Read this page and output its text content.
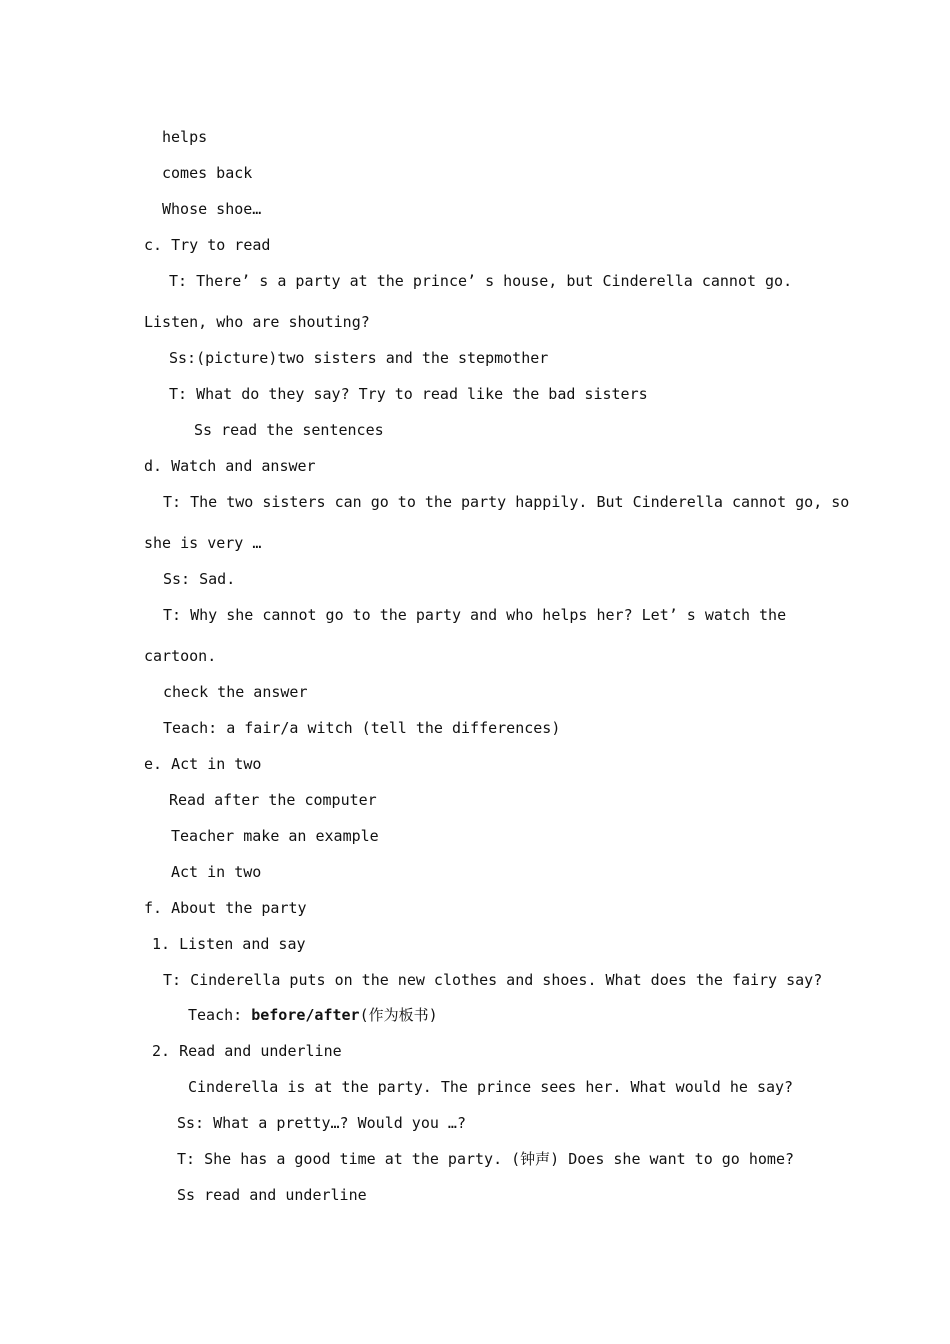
helps
comes back
Whose shoe…
c. Try to read
T: There’ s a party at the prince’ s house, but Cinderella cannot go.
Listen, who are shouting?
Ss:(picture)two sisters and the stepmother
T: What do they say? Try to read like the bad sisters
Ss read the sentences
d. Watch and answer
T: The two sisters can go to the party happily. But Cinderella cannot go, so
she is very …
Ss: Sad.
T: Why she cannot go to the party and who helps her? Let’ s watch the
cartoon.
check the answer
Teach: a fair/a witch (tell the differences)
e. Act in two
Read after the computer
Teacher make an example
Act in two
f. About the party
1. Listen and say
T: Cinderella puts on the new clothes and shoes. What does the fairy say?
Teach: before/after(作为板书)
2. Read and underline
Cinderella is at the party. The prince sees her. What would he say?
Ss: What a pretty…? Would you …?
T: She has a good time at the party. (钟声) Does she want to go home?
Ss read and underline
